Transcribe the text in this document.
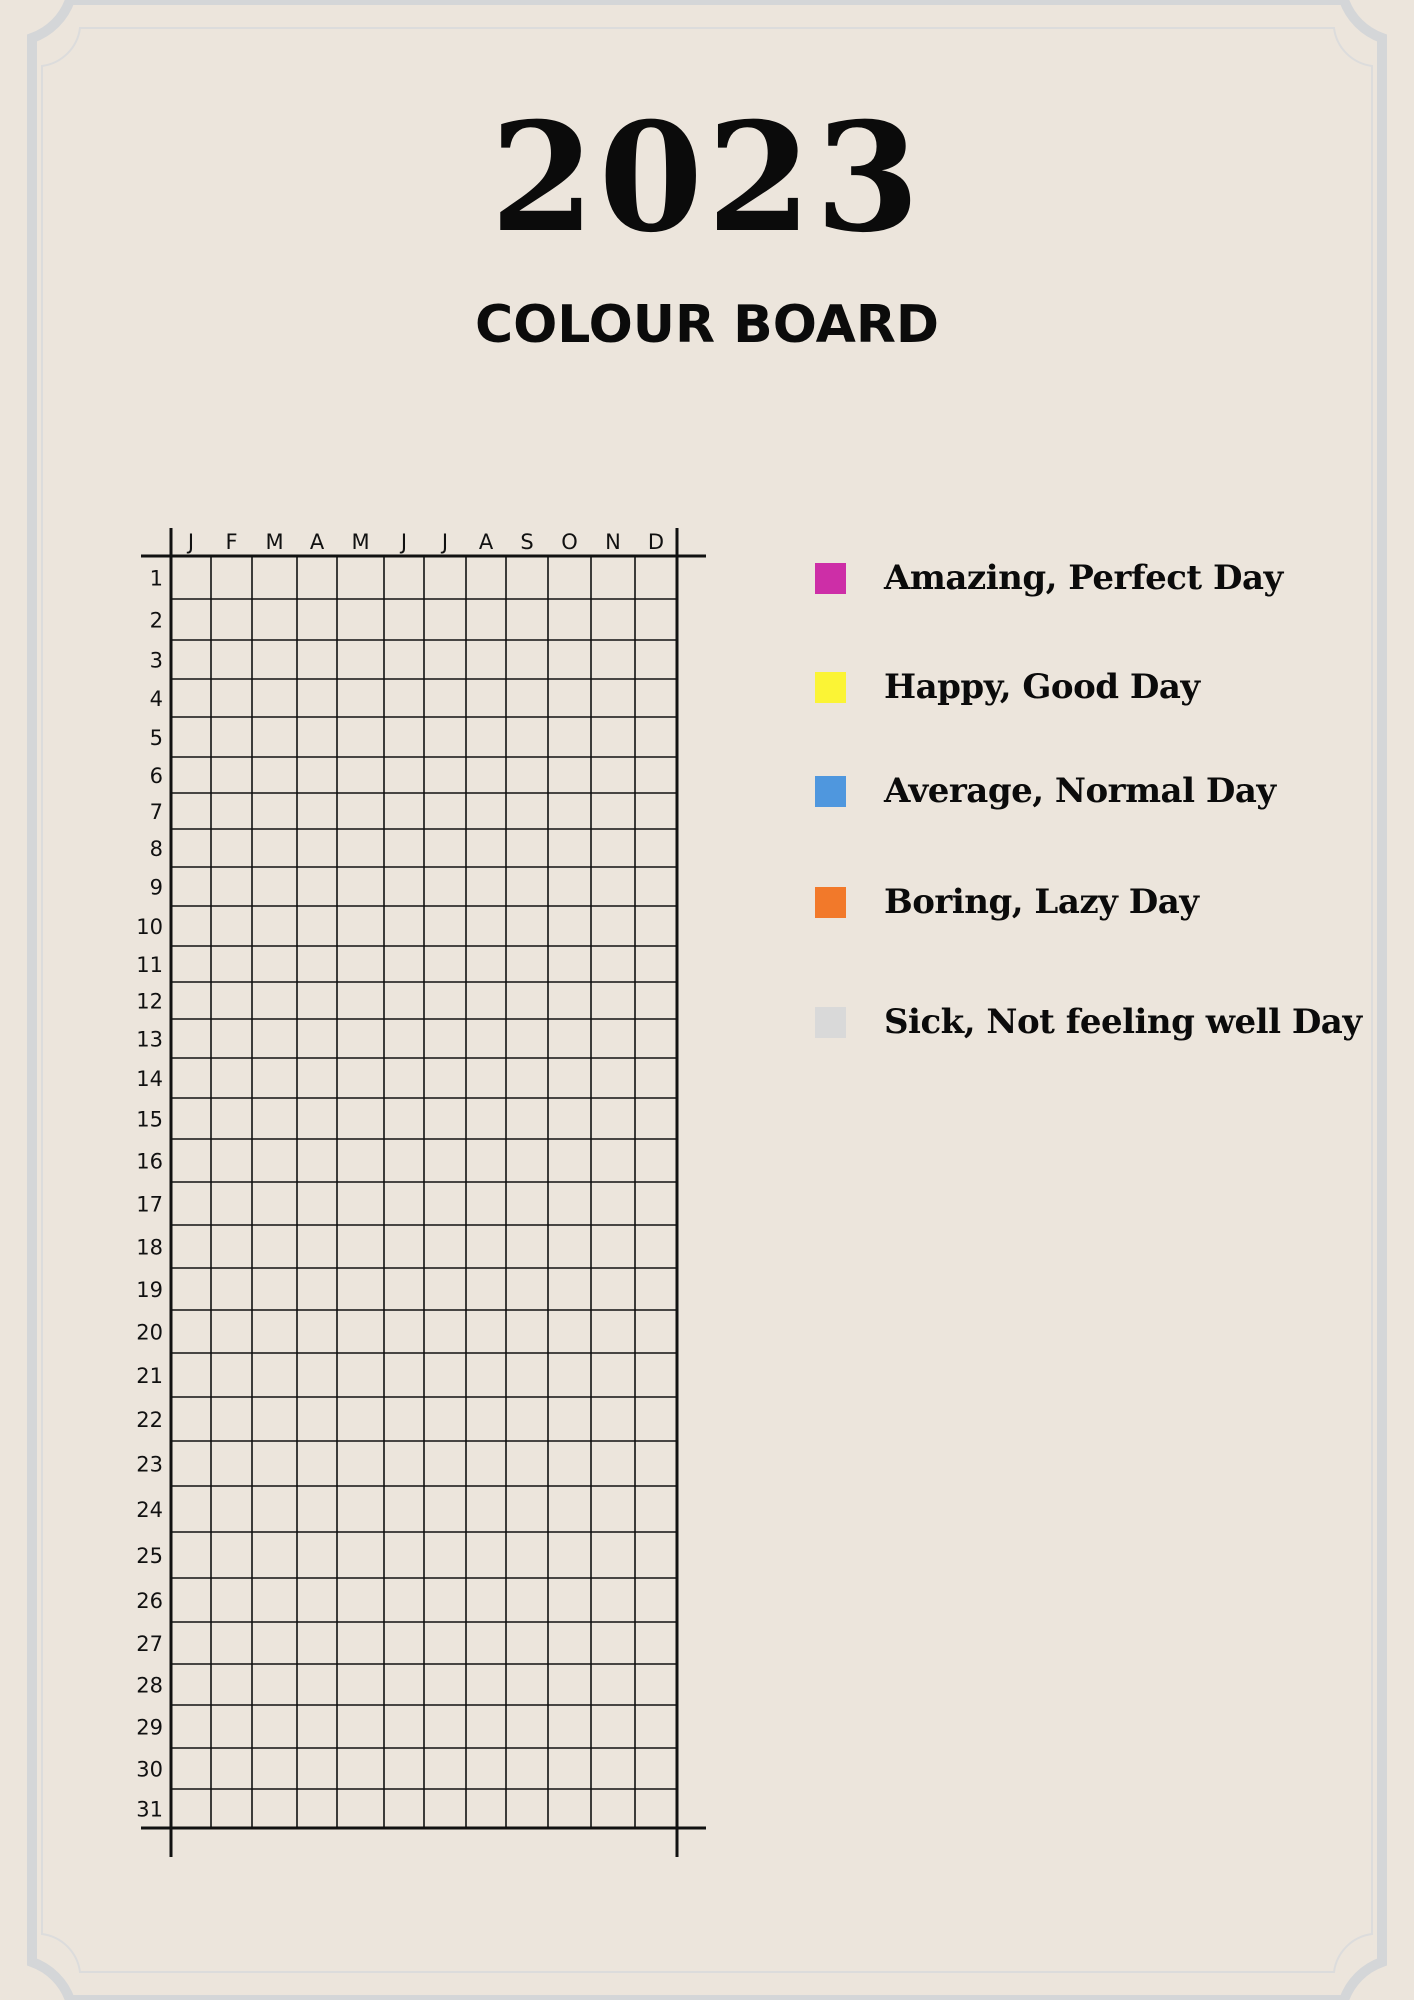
2023
COLOUR BOARD
J F M A M J J A S O N D
1
2
3
4
5
6
7
8
9
10
11
12
13
14
15
16
17
18
19
20
21
22
23
24
25
26
27
28
29
30
31
Amazing, Perfect Day
Happy, Good Day
Average, Normal Day
Boring, Lazy Day
Sick, Not feeling well Day
